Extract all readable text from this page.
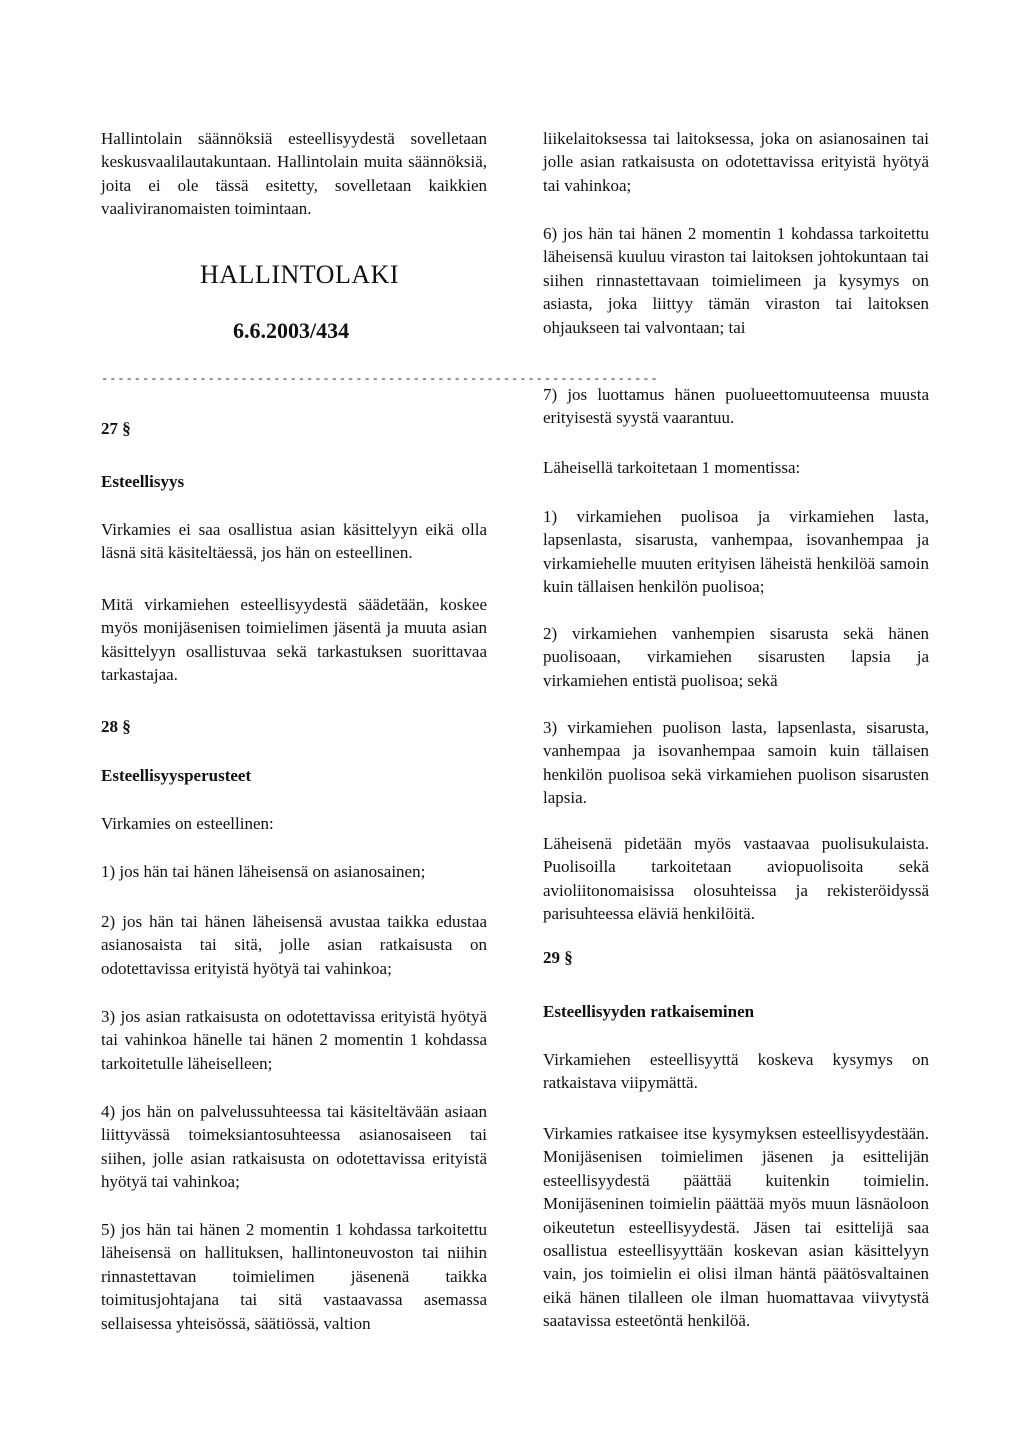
Hallintolain säännöksiä esteellisyydestä sovelletaan keskusvaalilautakuntaan. Hallintolain muita säännöksiä, joita ei ole tässä esitetty, sovelletaan kaikkien vaaliviranomaisten toimintaan.

HALLINTOLAKI
6.6.2003/434
--------------------------------------------------------------------

27 §

Esteellisyys

Virkamies ei saa osallistua asian käsittelyyn eikä olla läsnä sitä käsiteltäessä, jos hän on esteellinen.

Mitä virkamiehen esteellisyydestä säädetään, koskee myös monijäsenisen toimielimen jäsentä ja muuta asian käsittelyyn osallistuvaa sekä tarkastuksen suorittavaa tarkastajaa.

28 §

Esteellisyysperusteet

Virkamies on esteellinen:

1) jos hän tai hänen läheisensä on asianosainen;

2) jos hän tai hänen läheisensä avustaa taikka edustaa asianosaista tai sitä, jolle asian ratkaisusta on odotettavissa erityistä hyötyä tai vahinkoa;

3) jos asian ratkaisusta on odotettavissa erityistä hyötyä tai vahinkoa hänelle tai hänen 2 momentin 1 kohdassa tarkoitetulle läheiselleen;

4) jos hän on palvelussuhteessa tai käsiteltävään asiaan liittyvässä toimeksiantosuhteessa asianosaiseen tai siihen, jolle asian ratkaisusta on odotettavissa erityistä hyötyä tai vahinkoa;

5) jos hän tai hänen 2 momentin 1 kohdassa tarkoitettu läheisensä on hallituksen, hallintoneuvoston tai niihin rinnastettavan toimielimen jäsenenä taikka toimitusjohtajana tai sitä vastaavassa asemassa sellaisessa yhteisössä, säätiössä, valtion

liikelaitoksessa tai laitoksessa, joka on asianosainen tai jolle asian ratkaisusta on odotettavissa erityistä hyötyä tai vahinkoa;

6) jos hän tai hänen 2 momentin 1 kohdassa tarkoitettu läheisensä kuuluu viraston tai laitoksen johtokuntaan tai siihen rinnastettavaan toimielimeen ja kysymys on asiasta, joka liittyy tämän viraston tai laitoksen ohjaukseen tai valvontaan; tai

7) jos luottamus hänen puolueettomuuteensa muusta erityisestä syystä vaarantuu.

Läheisellä tarkoitetaan 1 momentissa:

1) virkamiehen puolisoa ja virkamiehen lasta, lapsenlasta, sisarusta, vanhempaa, isovanhempaa ja virkamiehelle muuten erityisen läheistä henkilöä samoin kuin tällaisen henkilön puolisoa;

2) virkamiehen vanhempien sisarusta sekä hänen puolisoaan, virkamiehen sisarusten lapsia ja virkamiehen entistä puolisoa; sekä

3) virkamiehen puolison lasta, lapsenlasta, sisarusta, vanhempaa ja isovanhempaa samoin kuin tällaisen henkilön puolisoa sekä virkamiehen puolison sisarusten lapsia.

Läheisenä pidetään myös vastaavaa puolisukulaista. Puolisoilla tarkoitetaan aviopuolisoita sekä avioliitonomaisissa olosuhteissa ja rekisteröidyssä parisuhteessa eläviä henkilöitä.

29 §

Esteellisyyden ratkaiseminen

Virkamiehen esteellisyyttä koskeva kysymys on ratkaistava viipymättä.

Virkamies ratkaisee itse kysymyksen esteellisyydestään. Monijäsenisen toimielimen jäsenen ja esittelijän esteellisyydestä päättää kuitenkin toimielin. Monijäseninen toimielin päättää myös muun läsnäoloon oikeutetun esteellisyydestä. Jäsen tai esittelijä saa osallistua esteellisyyttään koskevan asian käsittelyyn vain, jos toimielin ei olisi ilman häntä päätösvaltainen eikä hänen tilalleen ole ilman huomattavaa viivytystä saatavissa esteetöntä henkilöä.
